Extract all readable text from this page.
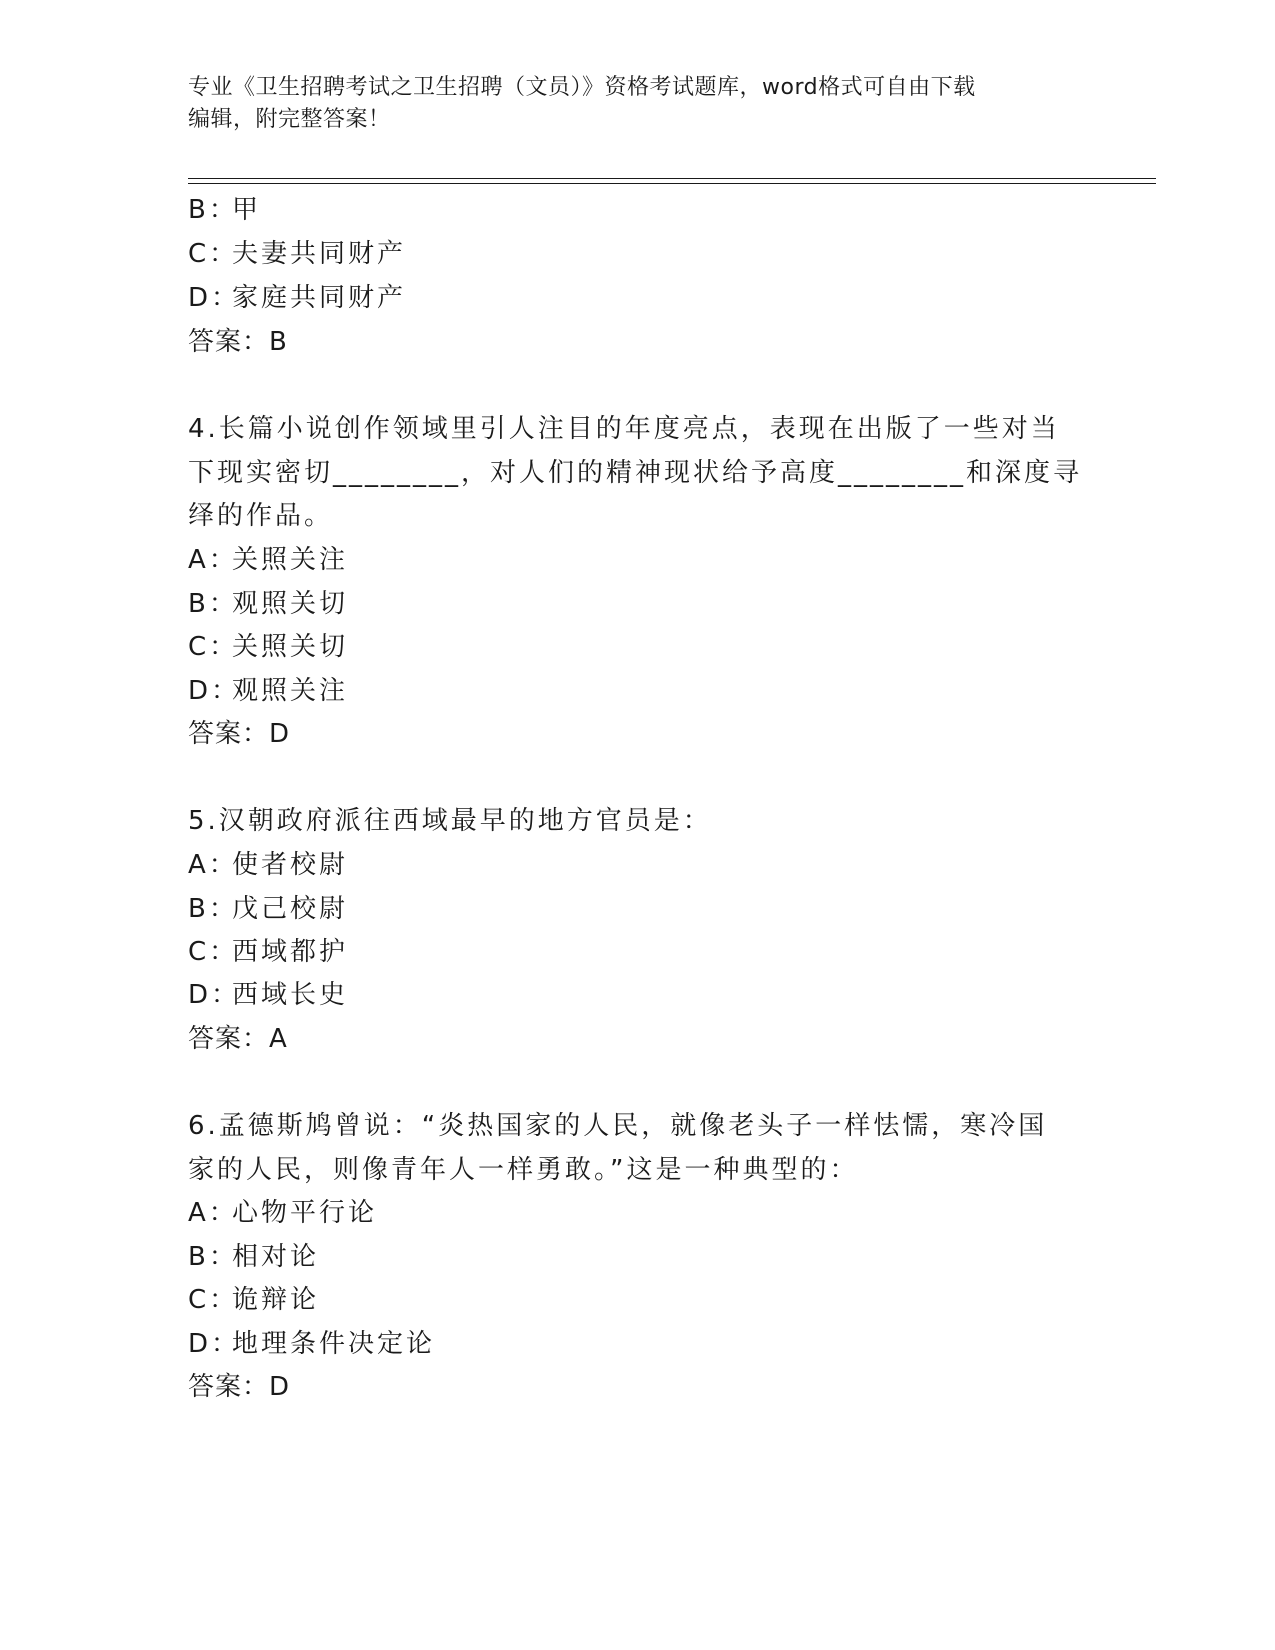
专业《卫生招聘考试之卫生招聘（文员）》资格考试题库，word格式可自由下载
编辑，附完整答案！
B：甲
C：夫妻共同财产
D：家庭共同财产
答案：B
4.长篇小说创作领域里引人注目的年度亮点，表现在出版了一些对当
下现实密切________，对人们的精神现状给予高度________和深度寻
绎的作品。
A：关照关注
B：观照关切
C：关照关切
D：观照关注
答案：D
5.汉朝政府派往西域最早的地方官员是：
A：使者校尉
B：戊己校尉
C：西域都护
D：西域长史
答案：A
6.孟德斯鸠曾说：“炎热国家的人民，就像老头子一样怯懦，寒冷国
家的人民，则像青年人一样勇敢。”这是一种典型的：
A：心物平行论
B：相对论
C：诡辩论
D：地理条件决定论
答案：D
